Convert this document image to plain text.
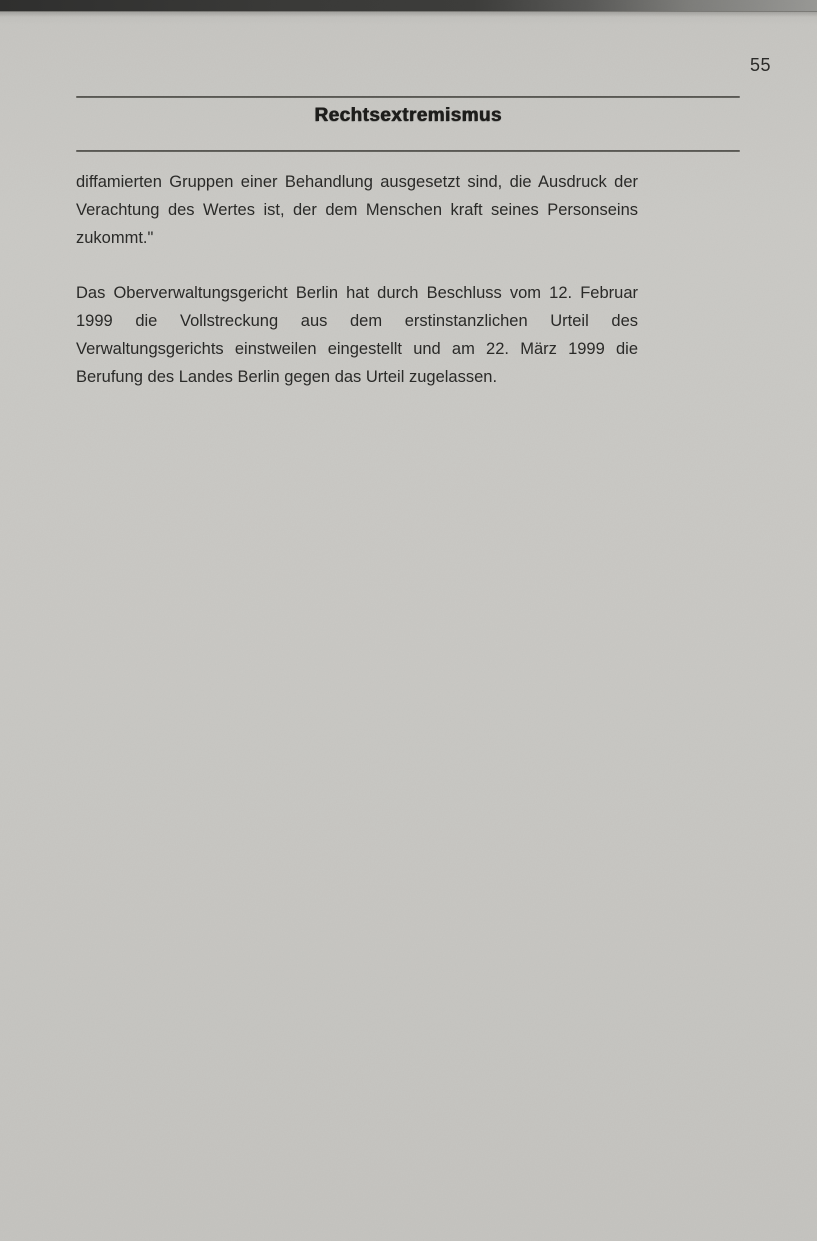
55
Rechtsextremismus

diffamierten Gruppen einer Behandlung ausgesetzt sind, die Ausdruck der Verachtung des Wertes ist, der dem Menschen kraft seines Personseins zukommt."

Das Oberverwaltungsgericht Berlin hat durch Beschluss vom 12. Februar 1999 die Vollstreckung aus dem erstinstanzlichen Urteil des Verwaltungsgerichts einstweilen eingestellt und am 22. März 1999 die Berufung des Landes Berlin gegen das Urteil zugelassen.
